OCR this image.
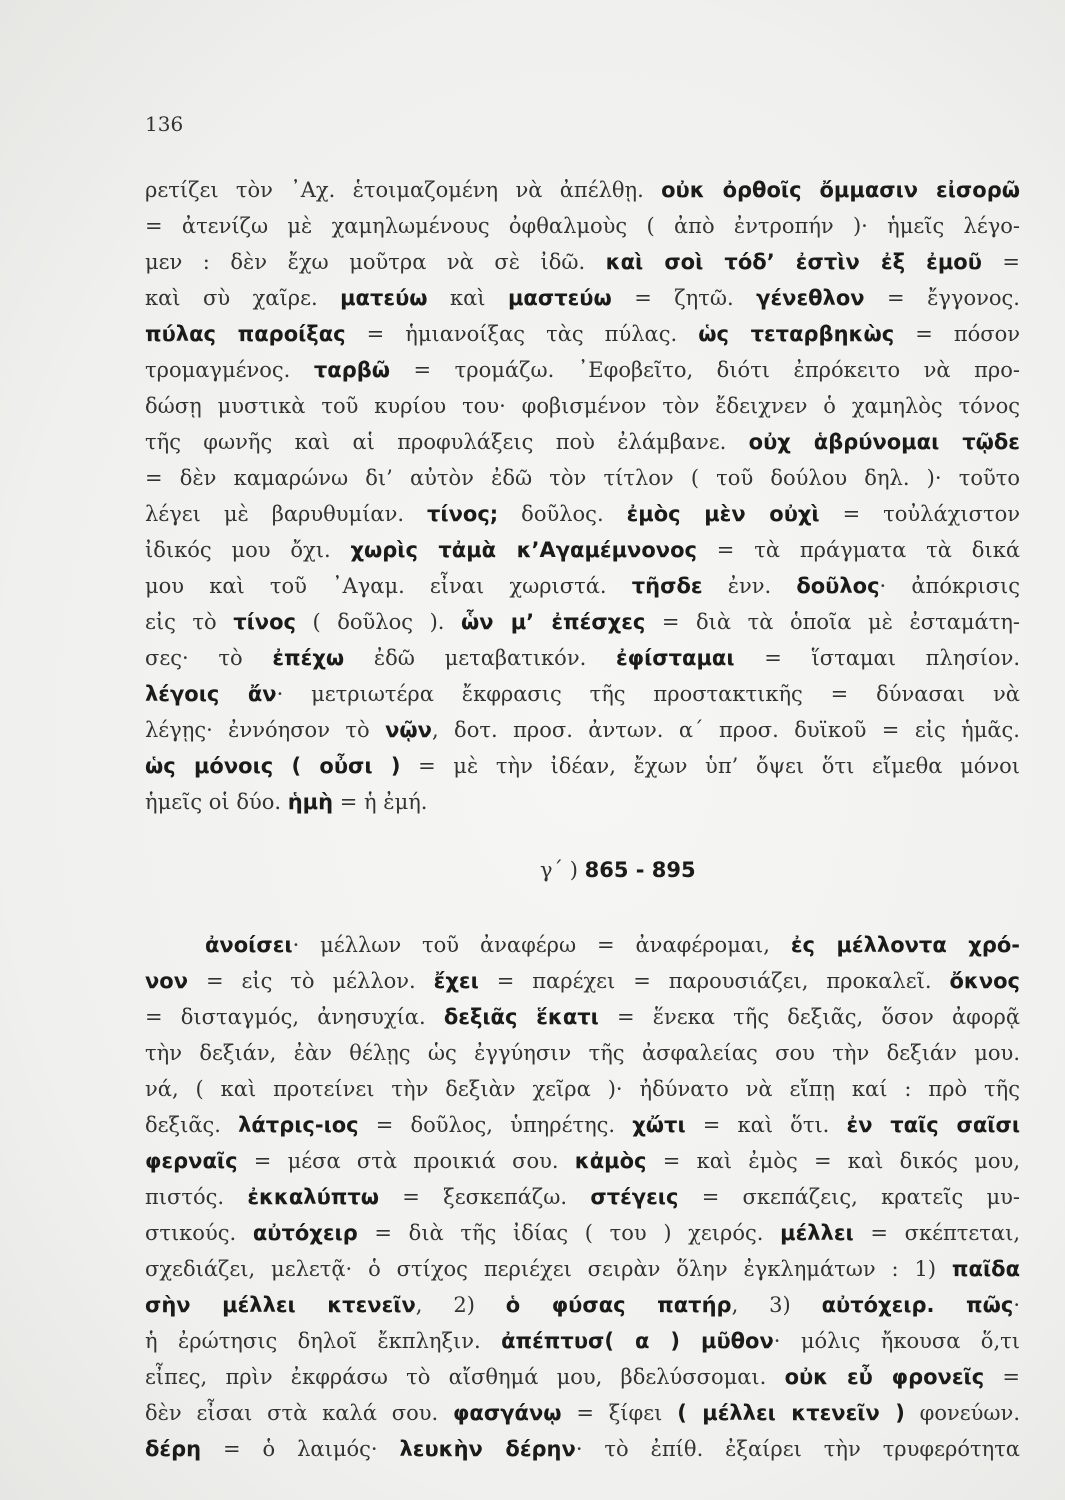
136
ρετίζει τὸν ᾿Αχ. ἑτοιμαζομένη νὰ ἀπέλθῃ. οὐκ ὀρθοῖς ὄμμασιν εἰσορῶ
= ἀτενίζω μὲ χαμηλωμένους ὀφθαλμοὺς ( ἀπὸ ἐντροπήν )· ἡμεῖς λέγο-
μεν : δὲν ἔχω μοῦτρα νὰ σὲ ἰδῶ. καὶ σοὶ τόδ’ ἐστὶν ἐξ ἐμοῦ =
καὶ σὺ χαῖρε. ματεύω καὶ μαστεύω = ζητῶ. γένεθλον = ἔγγονος.
πύλας παροίξας = ἡμιανοίξας τὰς πύλας. ὡς τεταρβηκὼς = πόσον
τρομαγμένος. ταρβῶ = τρομάζω. ᾿Εφοβεῖτο, διότι ἐπρόκειτο νὰ προ-
δώσῃ μυστικὰ τοῦ κυρίου του· φοβισμένον τὸν ἔδειχνεν ὁ χαμηλὸς τόνος
τῆς φωνῆς καὶ αἱ προφυλάξεις ποὺ ἐλάμβανε. οὐχ ἁβρύνομαι τῷδε
= δὲν καμαρώνω δι’ αὐτὸν ἐδῶ τὸν τίτλον ( τοῦ δούλου δηλ. )· τοῦτο
λέγει μὲ βαρυθυμίαν. τίνος; δοῦλος. ἐμὸς μὲν οὐχὶ = τοὐλάχιστον
ἰδικός μου ὄχι. χωρὶς τἀμὰ κ’Αγαμέμνονος = τὰ πράγματα τὰ δικά
μου καὶ τοῦ ᾿Αγαμ. εἶναι χωριστά. τῆσδε ἐνν. δοῦλος· ἀπόκρισις
εἰς τὸ τίνος ( δοῦλος ). ὧν μ’ ἐπέσχες = διὰ τὰ ὁποῖα μὲ ἐσταμάτη-
σες· τὸ ἐπέχω ἐδῶ μεταβατικόν. ἐφίσταμαι = ἵσταμαι πλησίον.
λέγοις ἄν· μετριωτέρα ἔκφρασις τῆς προστακτικῆς = δύνασαι νὰ
λέγῃς· ἐννόησον τὸ νῷν, δοτ. προσ. ἀντων. α΄ προσ. δυϊκοῦ = εἰς ἡμᾶς.
ὡς μόνοις ( οὖσι ) = μὲ τὴν ἰδέαν, ἔχων ὑπ’ ὄψει ὅτι εἴμεθα μόνοι
ἡμεῖς οἱ δύο. ἡμὴ = ἡ ἐμή.
γ΄ ) 865 - 895
ἀνοίσει· μέλλων τοῦ ἀναφέρω = ἀναφέρομαι, ἐς μέλλοντα χρό-
νον = εἰς τὸ μέλλον. ἔχει = παρέχει = παρουσιάζει, προκαλεῖ. ὄκνος
= δισταγμός, ἀνησυχία. δεξιᾶς ἕκατι = ἕνεκα τῆς δεξιᾶς, ὅσον ἀφορᾷ
τὴν δεξιάν, ἐὰν θέλῃς ὡς ἐγγύησιν τῆς ἀσφαλείας σου τὴν δεξιάν μου.
νά, ( καὶ προτείνει τὴν δεξιὰν χεῖρα )· ἠδύνατο νὰ εἴπῃ καί : πρὸ τῆς
δεξιᾶς. λάτρις-ιος = δοῦλος, ὑπηρέτης. χὤτι = καὶ ὅτι. ἐν ταῖς σαῖσι
φερναῖς = μέσα στὰ προικιά σου. κἀμὸς = καὶ ἐμὸς = καὶ δικός μου,
πιστός. ἐκκαλύπτω = ξεσκεπάζω. στέγεις = σκεπάζεις, κρατεῖς μυ-
στικούς. αὐτόχειρ = διὰ τῆς ἰδίας ( του ) χειρός. μέλλει = σκέπτεται,
σχεδιάζει, μελετᾷ· ὁ στίχος περιέχει σειρὰν ὅλην ἐγκλημάτων : 1) παῖδα
σὴν μέλλει κτενεῖν, 2) ὁ φύσας πατήρ, 3) αὐτόχειρ. πῶς·
ἡ ἐρώτησις δηλοῖ ἔκπληξιν. ἀπέπτυσ( α ) μῦθον· μόλις ἤκουσα ὅ,τι
εἶπες, πρὶν ἐκφράσω τὸ αἴσθημά μου, βδελύσσομαι. οὐκ εὖ φρονεῖς =
δὲν εἶσαι στὰ καλά σου. φασγάνῳ = ξίφει ( μέλλει κτενεῖν ) φονεύων.
δέρη = ὁ λαιμός· λευκὴν δέρην· τὸ ἐπίθ. ἐξαίρει τὴν τρυφερότητα
